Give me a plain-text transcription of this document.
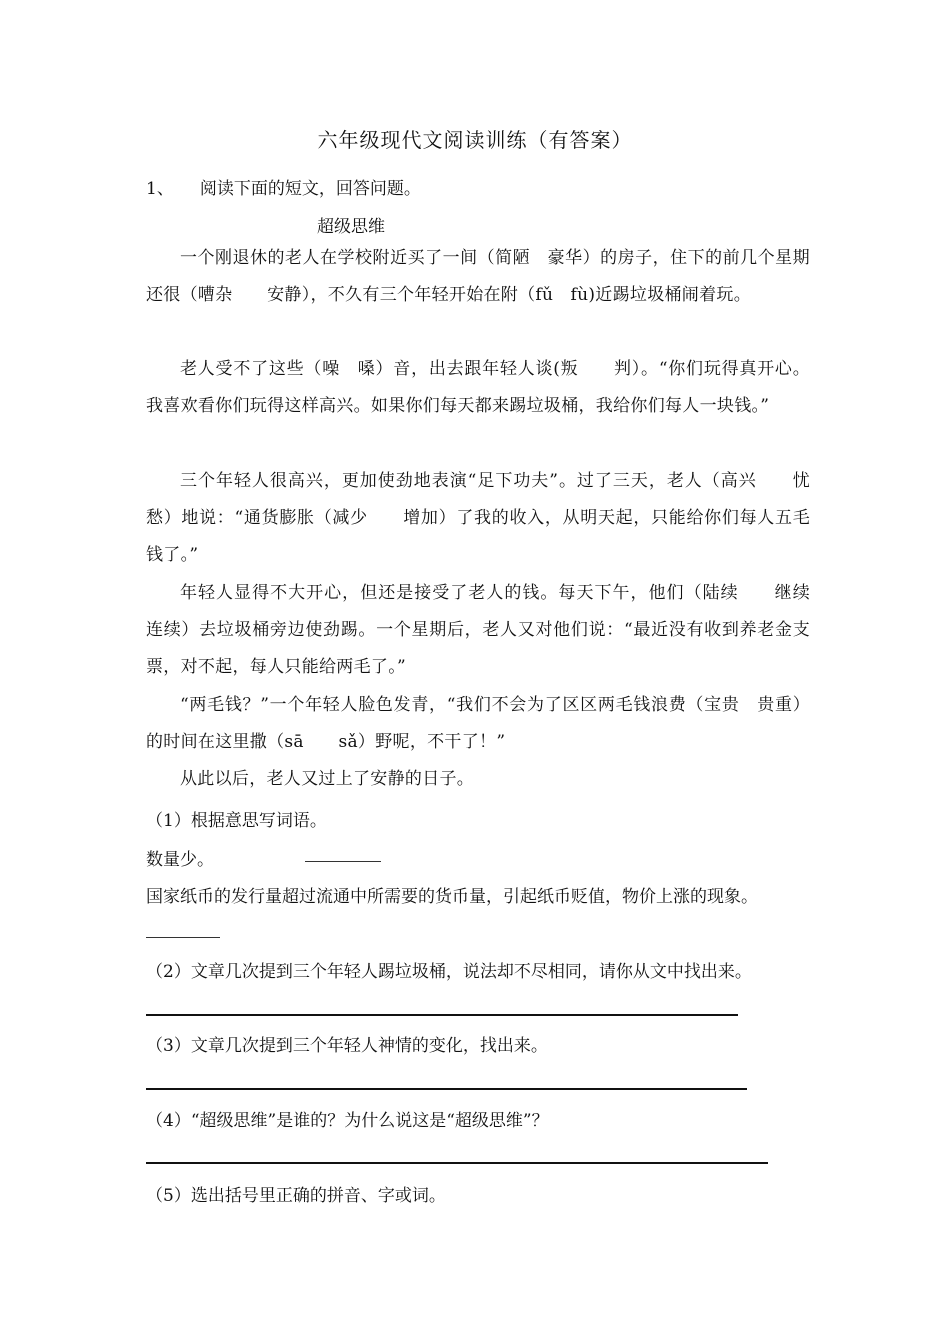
六年级现代文阅读训练（有答案）
1、 阅读下面的短文，回答问题。
超级思维
一个刚退休的老人在学校附近买了一间（简陋　豪华）的房子，住下的前几个星期还很（嘈杂　　安静），不久有三个年轻开始在附（fǔ　fù)近踢垃圾桶闹着玩。
老人受不了这些（噪　嗓）音，出去跟年轻人谈(叛　　判）。“你们玩得真开心。我喜欢看你们玩得这样高兴。如果你们每天都来踢垃圾桶，我给你们每人一块钱。”
三个年轻人很高兴，更加使劲地表演“足下功夫”。过了三天，老人（高兴　　忧愁）地说：“通货膨胀（减少　　增加）了我的收入，从明天起，只能给你们每人五毛钱了。”
年轻人显得不大开心，但还是接受了老人的钱。每天下午，他们（陆续　　继续　　连续）去垃圾桶旁边使劲踢。一个星期后，老人又对他们说：“最近没有收到养老金支票，对不起，每人只能给两毛了。”
“两毛钱？”一个年轻人脸色发青，“我们不会为了区区两毛钱浪费（宝贵　贵重）的时间在这里撒（sā　　sǎ）野呢，不干了！”
从此以后，老人又过上了安静的日子。
（1）根据意思写词语。
数量少。
国家纸币的发行量超过流通中所需要的货币量，引起纸币贬值，物价上涨的现象。
（2）文章几次提到三个年轻人踢垃圾桶，说法却不尽相同，请你从文中找出来。
（3）文章几次提到三个年轻人神情的变化，找出来。
（4）“超级思维”是谁的？为什么说这是“超级思维”？
（5）选出括号里正确的拼音、字或词。
